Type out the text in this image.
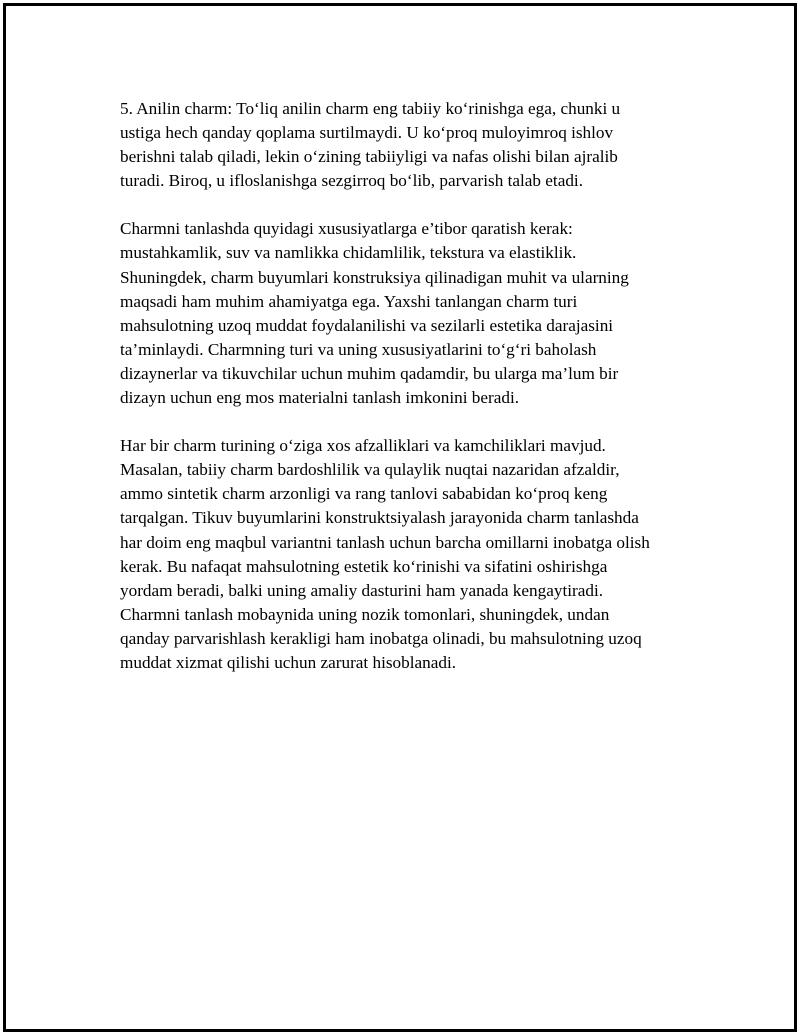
5. Anilin charm: To‘liq anilin charm eng tabiiy ko‘rinishga ega, chunki u
ustiga hech qanday qoplama surtilmaydi. U ko‘proq muloyimroq ishlov
berishni talab qiladi, lekin o‘zining tabiiyligi va nafas olishi bilan ajralib
turadi. Biroq, u ifloslanishga sezgirroq bo‘lib, parvarish talab etadi.

Charmni tanlashda quyidagi xususiyatlarga e’tibor qaratish kerak:
mustahkamlik, suv va namlikka chidamlilik, tekstura va elastiklik.
Shuningdek, charm buyumlari konstruksiya qilinadigan muhit va ularning
maqsadi ham muhim ahamiyatga ega. Yaxshi tanlangan charm turi
mahsulotning uzoq muddat foydalanilishi va sezilarli estetika darajasini
ta’minlaydi. Charmning turi va uning xususiyatlarini to‘g‘ri baholash
dizaynerlar va tikuvchilar uchun muhim qadamdir, bu ularga ma’lum bir
dizayn uchun eng mos materialni tanlash imkonini beradi.

Har bir charm turining o‘ziga xos afzalliklari va kamchiliklari mavjud.
Masalan, tabiiy charm bardoshlilik va qulaylik nuqtai nazaridan afzaldir,
ammo sintetik charm arzonligi va rang tanlovi sababidan ko‘proq keng
tarqalgan. Tikuv buyumlarini konstruktsiyalash jarayonida charm tanlashda
har doim eng maqbul variantni tanlash uchun barcha omillarni inobatga olish
kerak. Bu nafaqat mahsulotning estetik ko‘rinishi va sifatini oshirishga
yordam beradi, balki uning amaliy dasturini ham yanada kengaytiradi.
Charmni tanlash mobaynida uning nozik tomonlari, shuningdek, undan
qanday parvarishlash kerakligi ham inobatga olinadi, bu mahsulotning uzoq
muddat xizmat qilishi uchun zarurat hisoblanadi.
